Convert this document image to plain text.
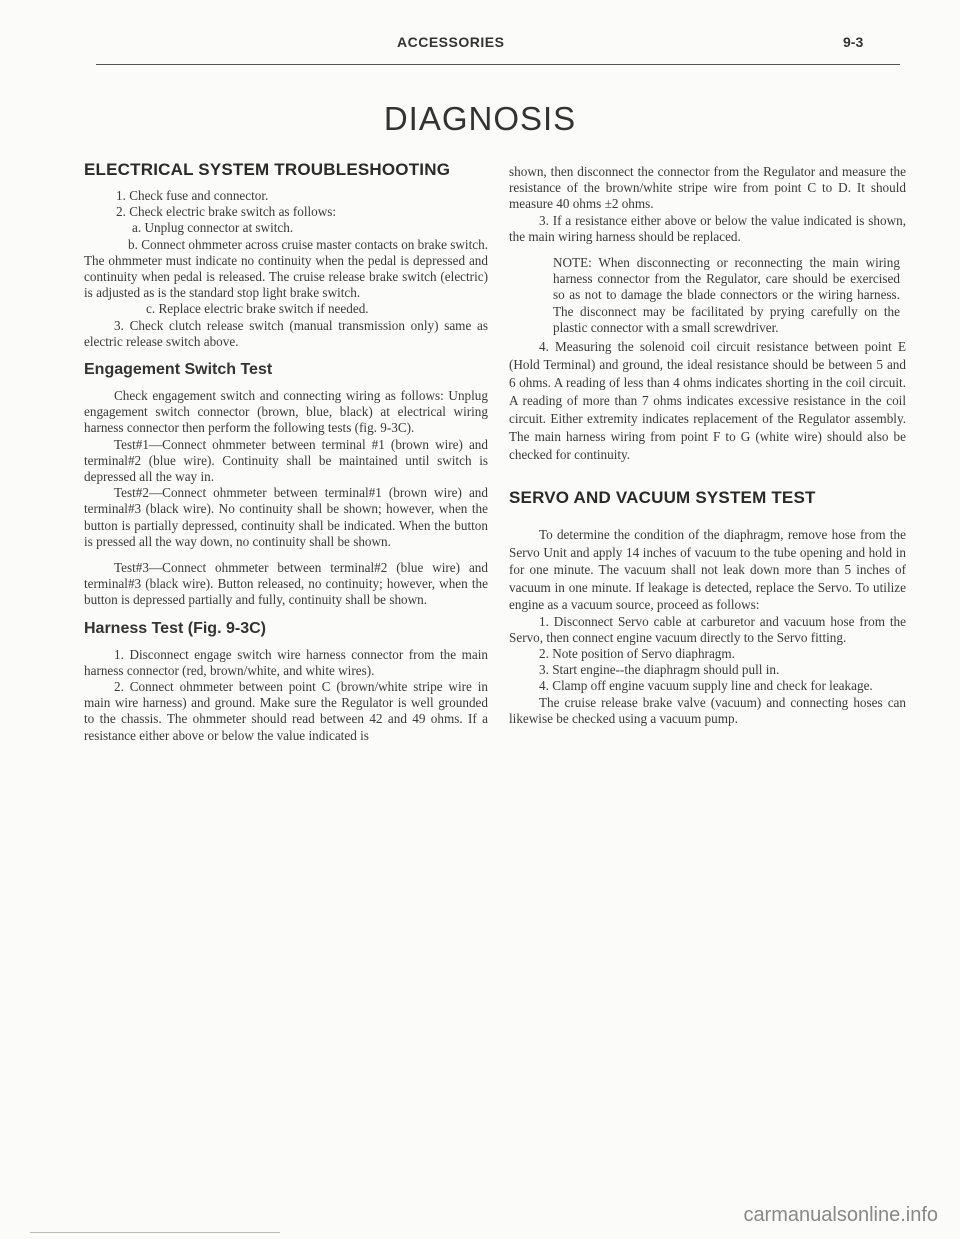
ACCESSORIES	9-3
DIAGNOSIS
ELECTRICAL SYSTEM TROUBLESHOOTING

1. Check fuse and connector.

2. Check electric brake switch as follows:

a. Unplug connector at switch.

b. Connect ohmmeter across cruise master contacts on brake switch. The ohmmeter must indicate no continuity when the pedal is depressed and continuity when pedal is released. The cruise release brake switch (electric) is adjusted as is the standard stop light brake switch.

c. Replace electric brake switch if needed.

3. Check clutch release switch (manual transmission only) same as electric release switch above.

Engagement Switch Test

Check engagement switch and connecting wiring as follows: Unplug engagement switch connector (brown, blue, black) at electrical wiring harness connector then perform the following tests (fig. 9-3C).

Test#1—Connect ohmmeter between terminal #1 (brown wire) and terminal#2 (blue wire). Continuity shall be maintained until switch is depressed all the way in.

Test#2—Connect ohmmeter between terminal#1 (brown wire) and terminal#3 (black wire). No continuity shall be shown; however, when the button is partially depressed, continuity shall be indicated. When the button is pressed all the way down, no continuity shall be shown.

Test#3—Connect ohmmeter between terminal#2 (blue wire) and terminal#3 (black wire). Button released, no continuity; however, when the button is depressed partially and fully, continuity shall be shown.

Harness Test (Fig. 9-3C)

1. Disconnect engage switch wire harness connector from the main harness connector (red, brown/white, and white wires).

2. Connect ohmmeter between point C (brown/white stripe wire in main wire harness) and ground. Make sure the Regulator is well grounded to the chassis. The ohmmeter should read between 42 and 49 ohms. If a resistance either above or below the value indicated is

shown, then disconnect the connector from the Regulator and measure the resistance of the brown/white stripe wire from point C to D. It should measure 40 ohms ±2 ohms.

3. If a resistance either above or below the value indicated is shown, the main wiring harness should be replaced.

NOTE: When disconnecting or reconnecting the main wiring harness connector from the Regulator, care should be exercised so as not to damage the blade connectors or the wiring harness. The disconnect may be facilitated by prying carefully on the plastic connector with a small screwdriver.

4. Measuring the solenoid coil circuit resistance between point E (Hold Terminal) and ground, the ideal resistance should be between 5 and 6 ohms. A reading of less than 4 ohms indicates shorting in the coil circuit. A reading of more than 7 ohms indicates excessive resistance in the coil circuit. Either extremity indicates replacement of the Regulator assembly. The main harness wiring from point F to G (white wire) should also be checked for continuity.

SERVO AND VACUUM SYSTEM TEST

To determine the condition of the diaphragm, remove hose from the Servo Unit and apply 14 inches of vacuum to the tube opening and hold in for one minute. The vacuum shall not leak down more than 5 inches of vacuum in one minute. If leakage is detected, replace the Servo. To utilize engine as a vacuum source, proceed as follows:

1. Disconnect Servo cable at carburetor and vacuum hose from the Servo, then connect engine vacuum directly to the Servo fitting.

2. Note position of Servo diaphragm.

3. Start engine--the diaphragm should pull in.

4. Clamp off engine vacuum supply line and check for leakage.

The cruise release brake valve (vacuum) and connecting hoses can likewise be checked using a vacuum pump.

carmanualsonline.info
